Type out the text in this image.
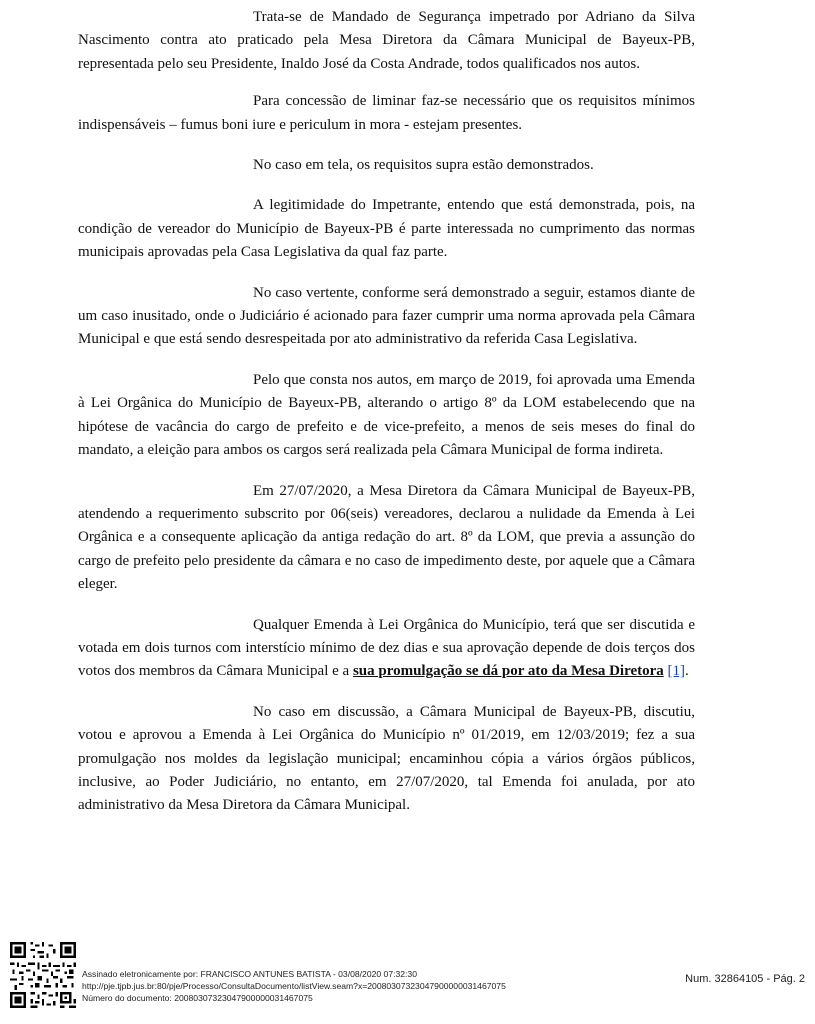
Trata-se de Mandado de Segurança impetrado por Adriano da Silva Nascimento contra ato praticado pela Mesa Diretora da Câmara Municipal de Bayeux-PB, representada pelo seu Presidente, Inaldo José da Costa Andrade, todos qualificados nos autos.

Para concessão de liminar faz-se necessário que os requisitos mínimos indispensáveis – fumus boni iure e periculum in mora - estejam presentes.

No caso em tela, os requisitos supra estão demonstrados.

A legitimidade do Impetrante, entendo que está demonstrada, pois, na condição de vereador do Município de Bayeux-PB é parte interessada no cumprimento das normas municipais aprovadas pela Casa Legislativa da qual faz parte.

No caso vertente, conforme será demonstrado a seguir, estamos diante de um caso inusitado, onde o Judiciário é acionado para fazer cumprir uma norma aprovada pela Câmara Municipal e que está sendo desrespeitada por ato administrativo da referida Casa Legislativa.

Pelo que consta nos autos, em março de 2019, foi aprovada uma Emenda à Lei Orgânica do Município de Bayeux-PB, alterando o artigo 8º da LOM estabelecendo que na hipótese de vacância do cargo de prefeito e de vice-prefeito, a menos de seis meses do final do mandato, a eleição para ambos os cargos será realizada pela Câmara Municipal de forma indireta.

Em 27/07/2020, a Mesa Diretora da Câmara Municipal de Bayeux-PB, atendendo a requerimento subscrito por 06(seis) vereadores, declarou a nulidade da Emenda à Lei Orgânica e a consequente aplicação da antiga redação do art. 8º da LOM, que previa a assunção do cargo de prefeito pelo presidente da câmara e no caso de impedimento deste, por aquele que a Câmara eleger.

Qualquer Emenda à Lei Orgânica do Município, terá que ser discutida e votada em dois turnos com interstício mínimo de dez dias e sua aprovação depende de dois terços dos votos dos membros da Câmara Municipal e a sua promulgação se dá por ato da Mesa Diretora [1].

No caso em discussão, a Câmara Municipal de Bayeux-PB, discutiu, votou e aprovou a Emenda à Lei Orgânica do Município nº 01/2019, em 12/03/2019; fez a sua promulgação nos moldes da legislação municipal; encaminhou cópia a vários órgãos públicos, inclusive, ao Poder Judiciário, no entanto, em 27/07/2020, tal Emenda foi anulada, por ato administrativo da Mesa Diretora da Câmara Municipal.

Assinado eletronicamente por: FRANCISCO ANTUNES BATISTA - 03/08/2020 07:32:30
http://pje.tjpb.jus.br:80/pje/Processo/ConsultaDocumento/listView.seam?x=20080307323047900000031467075
Número do documento: 20080307323047900000031467075
Num. 32864105 - Pág. 2
